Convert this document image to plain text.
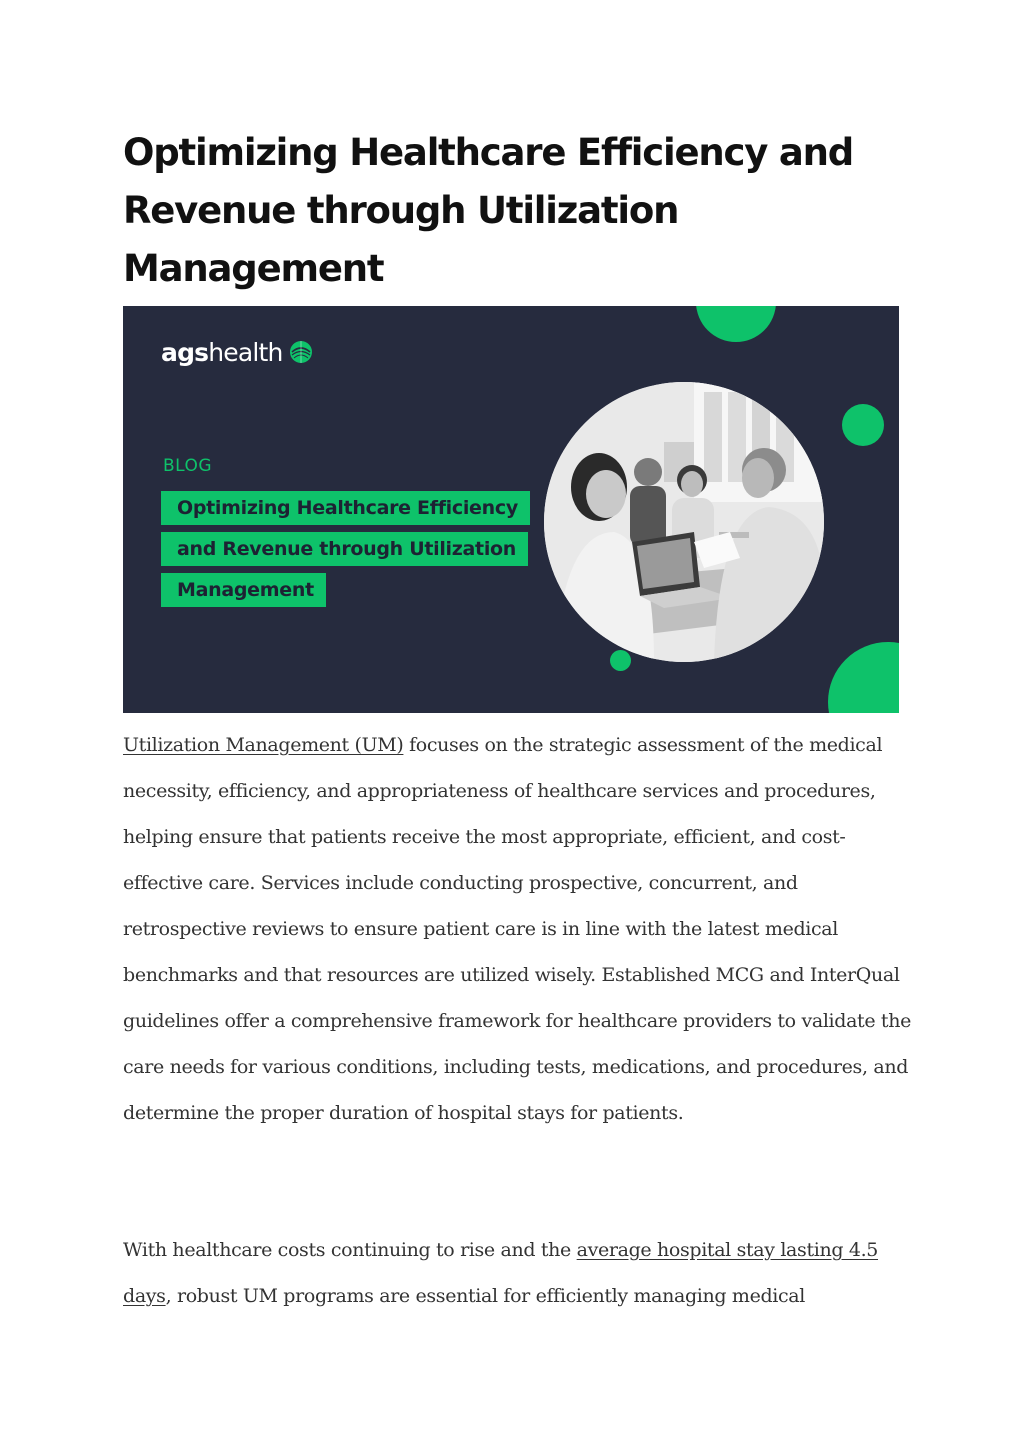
Optimizing Healthcare Efficiency and Revenue through Utilization Management
ags health
BLOG
Optimizing Healthcare Efficiency
and Revenue through Utilization
Management

Utilization Management (UM) focuses on the strategic assessment of the medical necessity, efficiency, and appropriateness of healthcare services and procedures, helping ensure that patients receive the most appropriate, efficient, and cost-effective care. Services include conducting prospective, concurrent, and retrospective reviews to ensure patient care is in line with the latest medical benchmarks and that resources are utilized wisely. Established MCG and InterQual guidelines offer a comprehensive framework for healthcare providers to validate the care needs for various conditions, including tests, medications, and procedures, and determine the proper duration of hospital stays for patients.

With healthcare costs continuing to rise and the average hospital stay lasting 4.5 days, robust UM programs are essential for efficiently managing medical
